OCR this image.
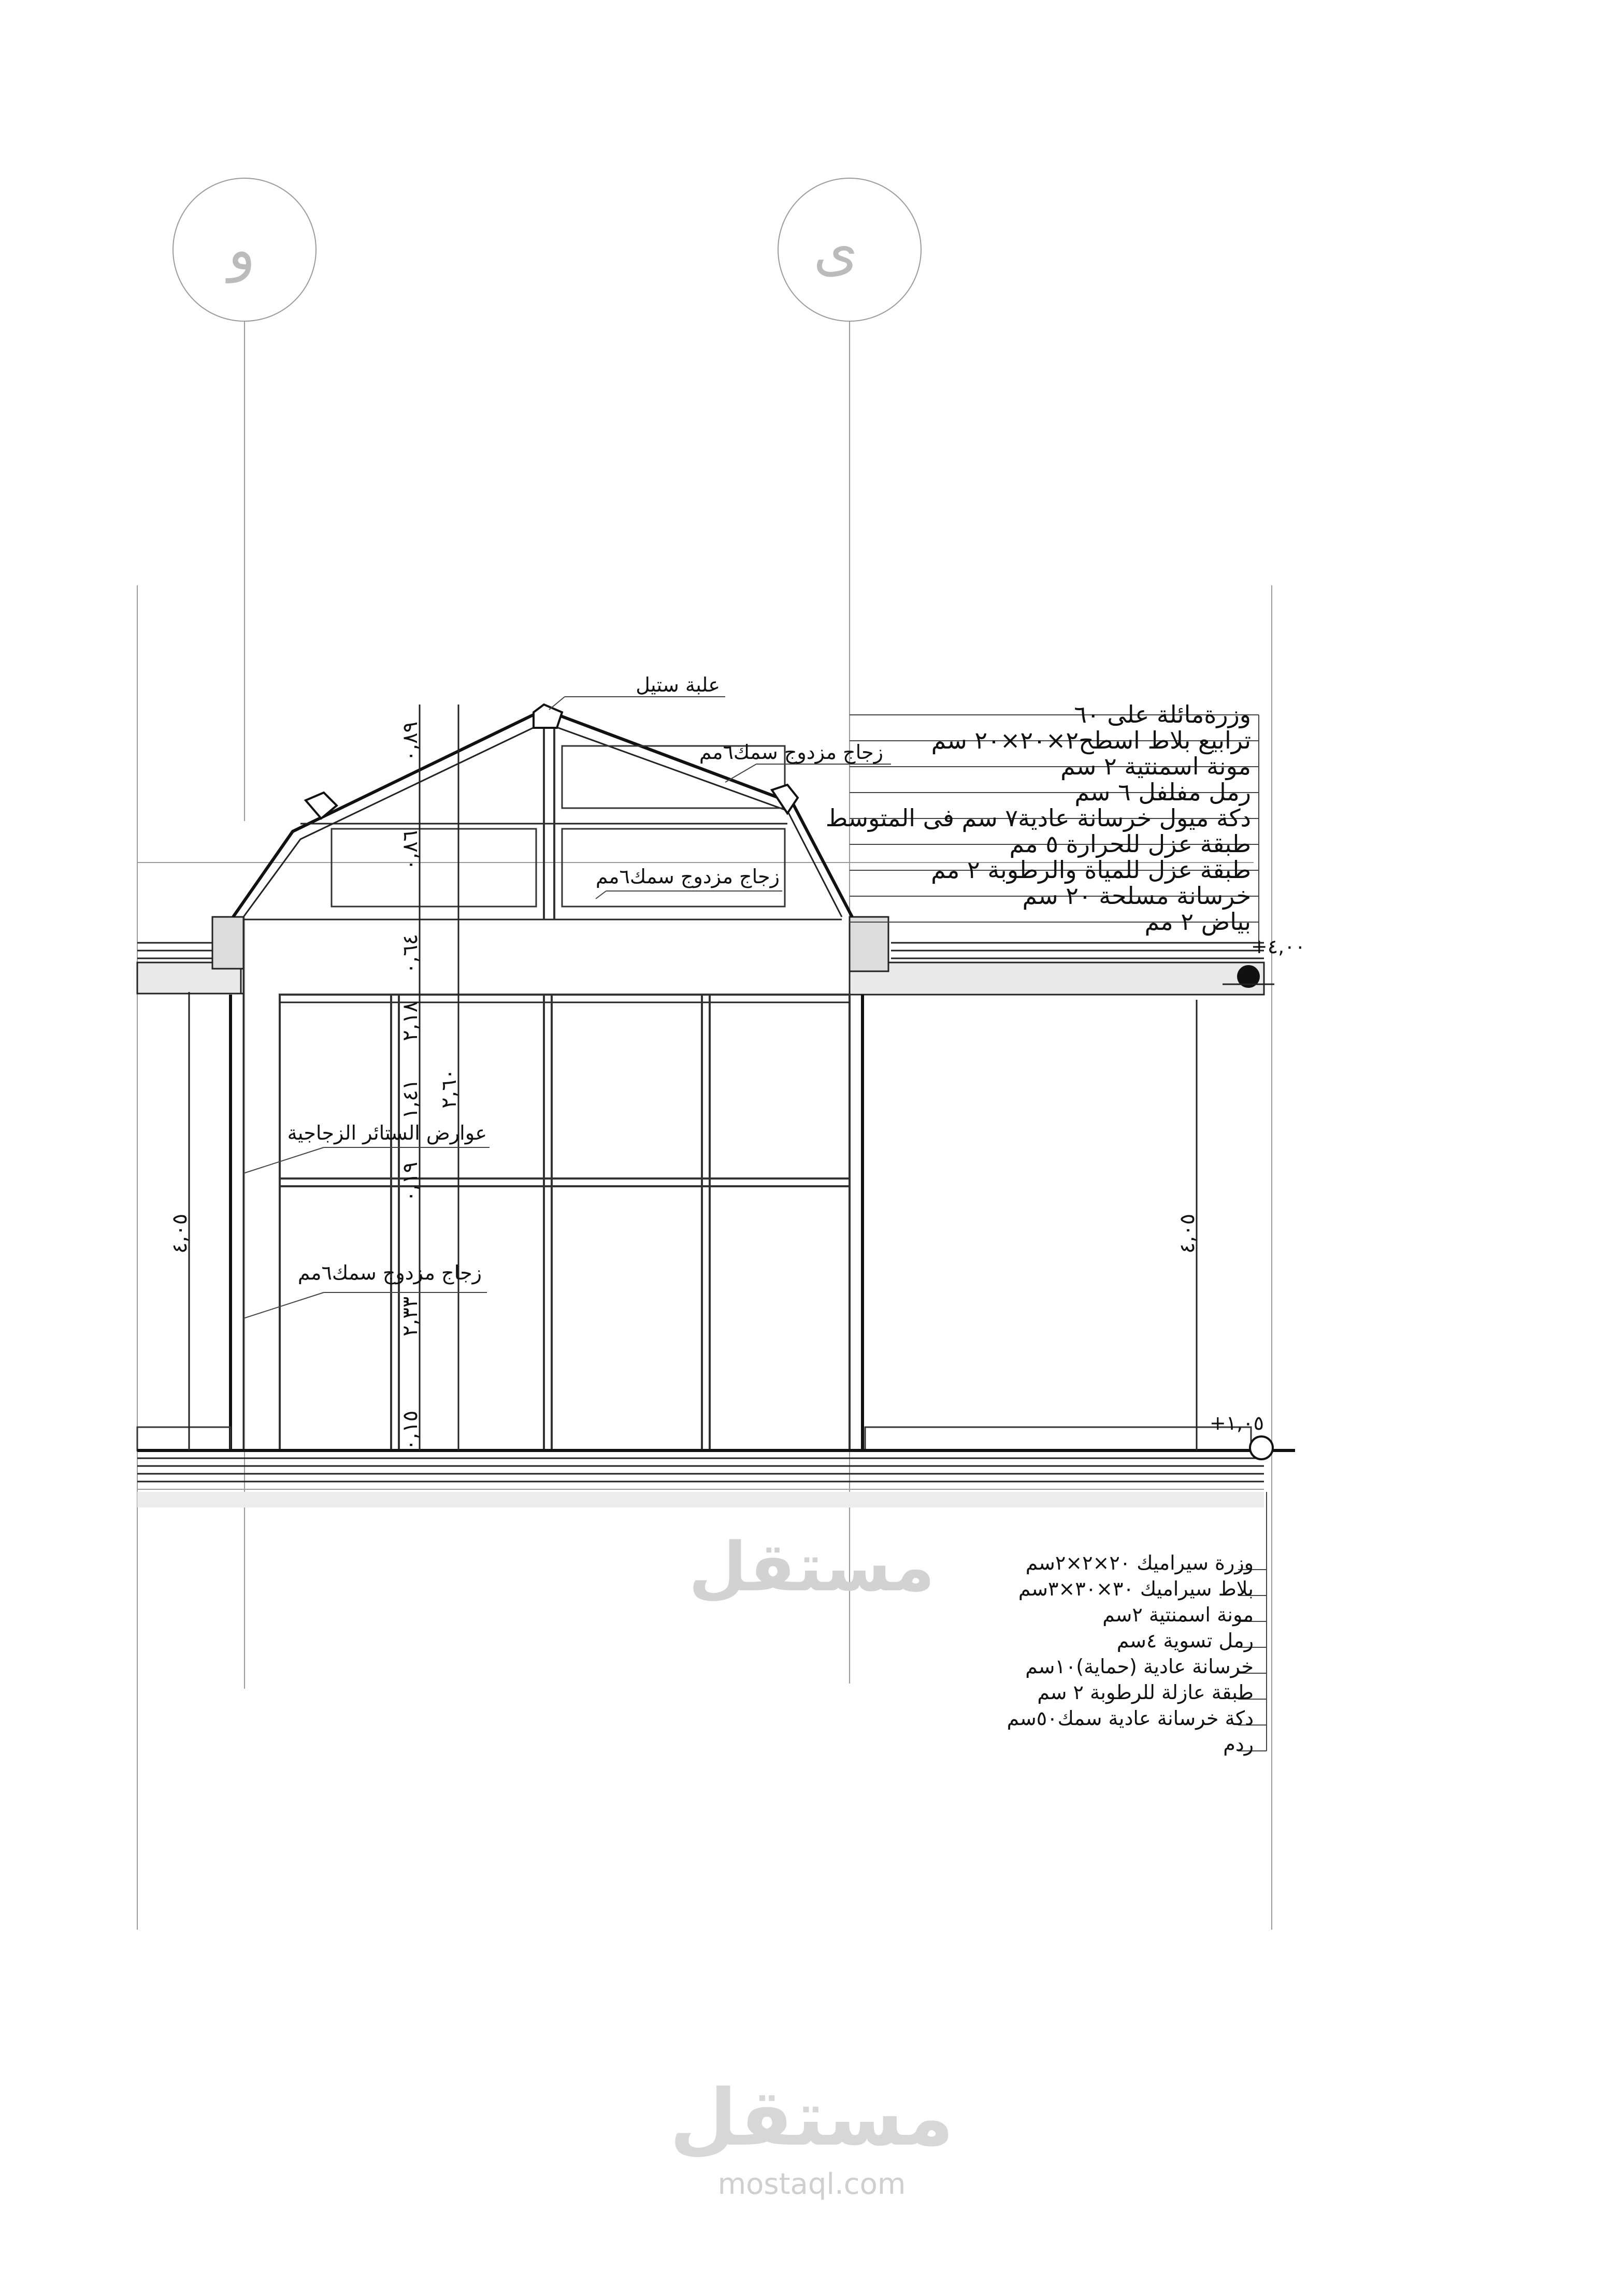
و	ى
٠,٨٩
٠,٨٦
٠,٦٤
١,٤١
٠,١٩
٢,٣٣
٠,١٥
٢,١٨
٢,٦٠
٤,٠٥	٤,٠٥
علبة ستيل
زجاج مزدوج سمك٦مم
زجاج مزدوج سمك٦مم
عوارض الستائر الزجاجية
زجاج مزدوج سمك٦مم
وزرةمائلة على ٦٠
ترابيع بلاط اسطح٢×٢٠×٢٠ سم
مونة اسمنتية ٢ سم
رمل مفلفل ٦ سم
دكة ميول خرسانة عادية٧ سم فى المتوسط
طبقة عزل للحرارة ٥ مم
طبقة عزل للمياة والرطوبة ٢ مم
خرسانة مسلحة ٢٠ سم
بياض ٢ مم
+٤,٠٠
+١,٠٥
وزرة سيراميك ٢٠×٢×٢سم
بلاط سيراميك ٣٠×٣٠×٣سم
مونة اسمنتية ٢سم
رمل تسوية ٤سم
خرسانة عادية (حماية)١٠سم
طبقة عازلة للرطوبة ٢ سم
دكة خرسانة عادية سمك٥٠سم
ردم
مستقل
مستقل
mostaql.com
